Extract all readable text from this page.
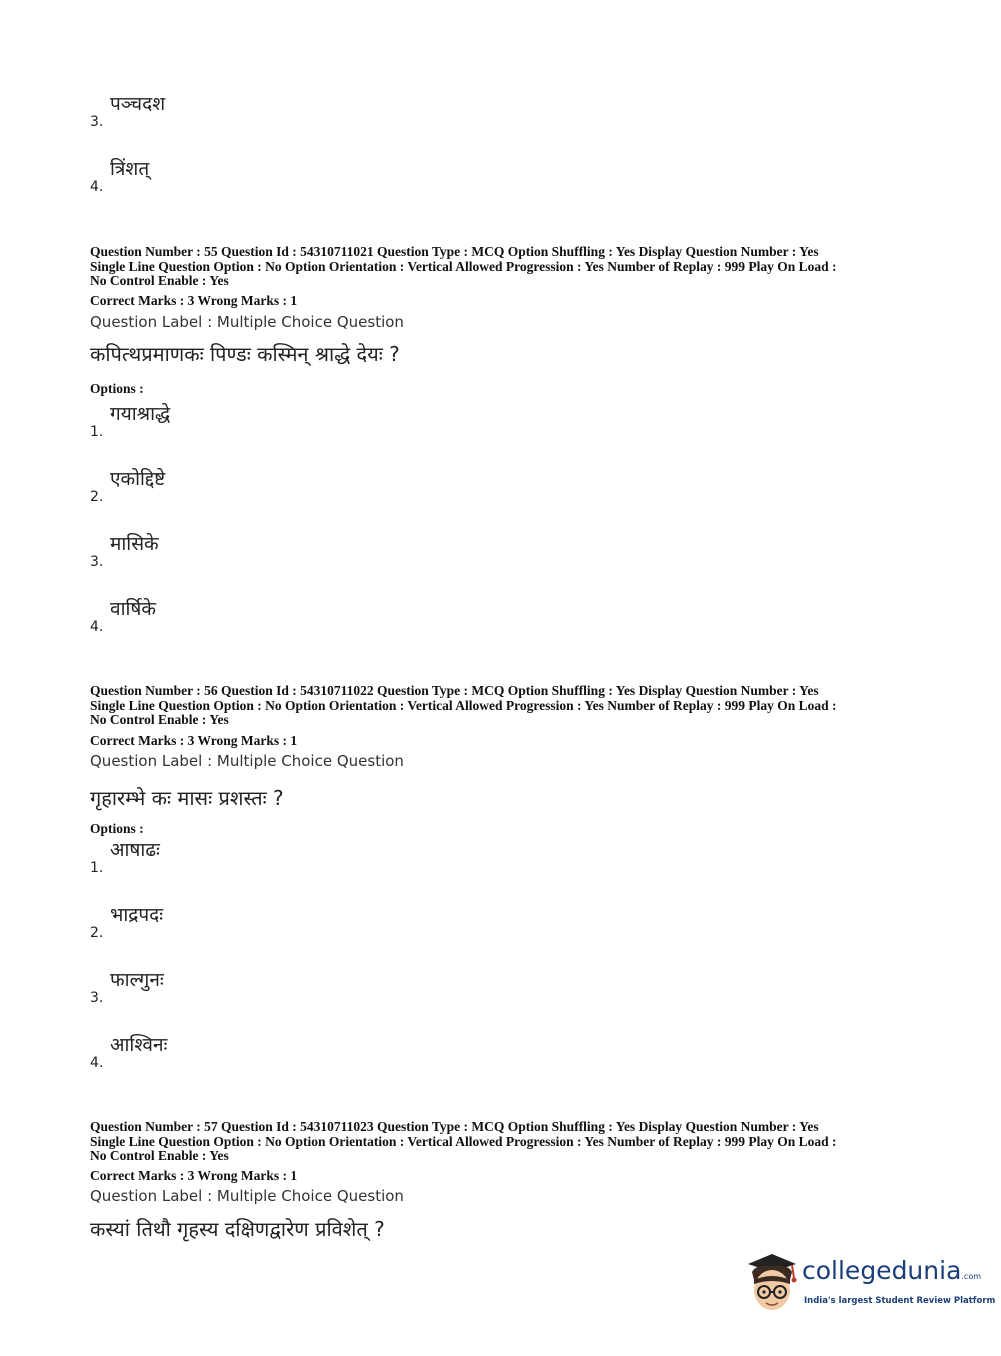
3.
पञ्चदश
4.
त्रिंशत्
Question Number : 55 Question Id : 54310711021 Question Type : MCQ Option Shuffling : Yes Display Question Number : Yes
Single Line Question Option : No Option Orientation : Vertical Allowed Progression : Yes Number of Replay : 999 Play On Load :
No Control Enable : Yes
Correct Marks : 3 Wrong Marks : 1
Question Label : Multiple Choice Question
कपित्थप्रमाणकः पिण्डः कस्मिन् श्राद्धे देयः ?
Options :
1.
गयाश्राद्धे
2.
एकोद्दिष्टे
3.
मासिके
4.
वार्षिके
Question Number : 56 Question Id : 54310711022 Question Type : MCQ Option Shuffling : Yes Display Question Number : Yes
Single Line Question Option : No Option Orientation : Vertical Allowed Progression : Yes Number of Replay : 999 Play On Load :
No Control Enable : Yes
Correct Marks : 3 Wrong Marks : 1
Question Label : Multiple Choice Question
गृहारम्भे कः मासः प्रशस्तः ?
Options :
1.
आषाढः
2.
भाद्रपदः
3.
फाल्गुनः
4.
आश्विनः
Question Number : 57 Question Id : 54310711023 Question Type : MCQ Option Shuffling : Yes Display Question Number : Yes
Single Line Question Option : No Option Orientation : Vertical Allowed Progression : Yes Number of Replay : 999 Play On Load :
No Control Enable : Yes
Correct Marks : 3 Wrong Marks : 1
Question Label : Multiple Choice Question
कस्यां तिथौ गृहस्य दक्षिणद्वारेण प्रविशेत् ?
collegedunia.com
India's largest Student Review Platform
